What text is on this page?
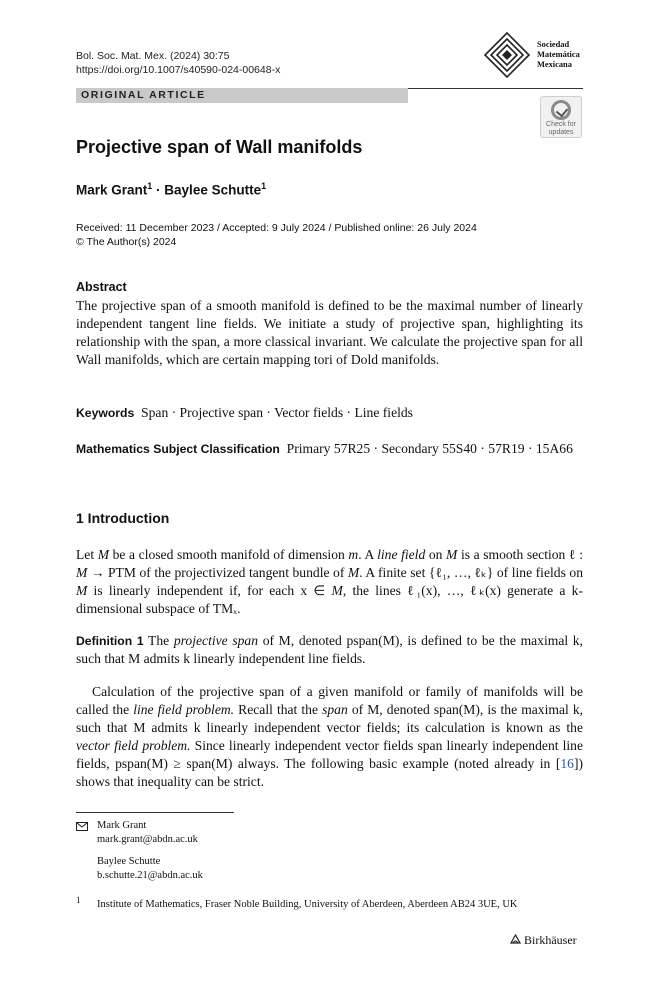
Bol. Soc. Mat. Mex. (2024) 30:75
https://doi.org/10.1007/s40590-024-00648-x
Sociedad
Matemática
Mexicana
ORIGINAL ARTICLE
Check for
updates
Projective span of Wall manifolds
Mark Grant$^1$ · Baylee Schutte$^1$
Received: 11 December 2023 / Accepted: 9 July 2024 / Published online: 26 July 2024
© The Author(s) 2024
Abstract
The projective span of a smooth manifold is defined to be the maximal number of linearly independent tangent line fields. We initiate a study of projective span, highlighting its relationship with the span, a more classical invariant. We calculate the projective span for all Wall manifolds, which are certain mapping tori of Dold manifolds.
Keywords Span · Projective span · Vector fields · Line fields
Mathematics Subject Classification Primary 57R25 · Secondary 55S40 · 57R19 · 15A66
1 Introduction
Let M be a closed smooth manifold of dimension m. A line field on M is a smooth section ℓ : M → PTM of the projectivized tangent bundle of M. A finite set {ℓ₁, …, ℓₖ} of line fields on M is linearly independent if, for each x ∈ M, the lines ℓ₁(x), …, ℓₖ(x) generate a k-dimensional subspace of TMₓ.
Definition 1 The projective span of M, denoted pspan(M), is defined to be the maximal k, such that M admits k linearly independent line fields.
Calculation of the projective span of a given manifold or family of manifolds will be called the line field problem. Recall that the span of M, denoted span(M), is the maximal k, such that M admits k linearly independent vector fields; its calculation is known as the vector field problem. Since linearly independent vector fields span linearly independent line fields, pspan(M) ≥ span(M) always. The following basic example (noted already in [16]) shows that inequality can be strict.
Mark Grant
mark.grant@abdn.ac.uk
Baylee Schutte
b.schutte.21@abdn.ac.uk
1 Institute of Mathematics, Fraser Noble Building, University of Aberdeen, Aberdeen AB24 3UE, UK
Birkhäuser
